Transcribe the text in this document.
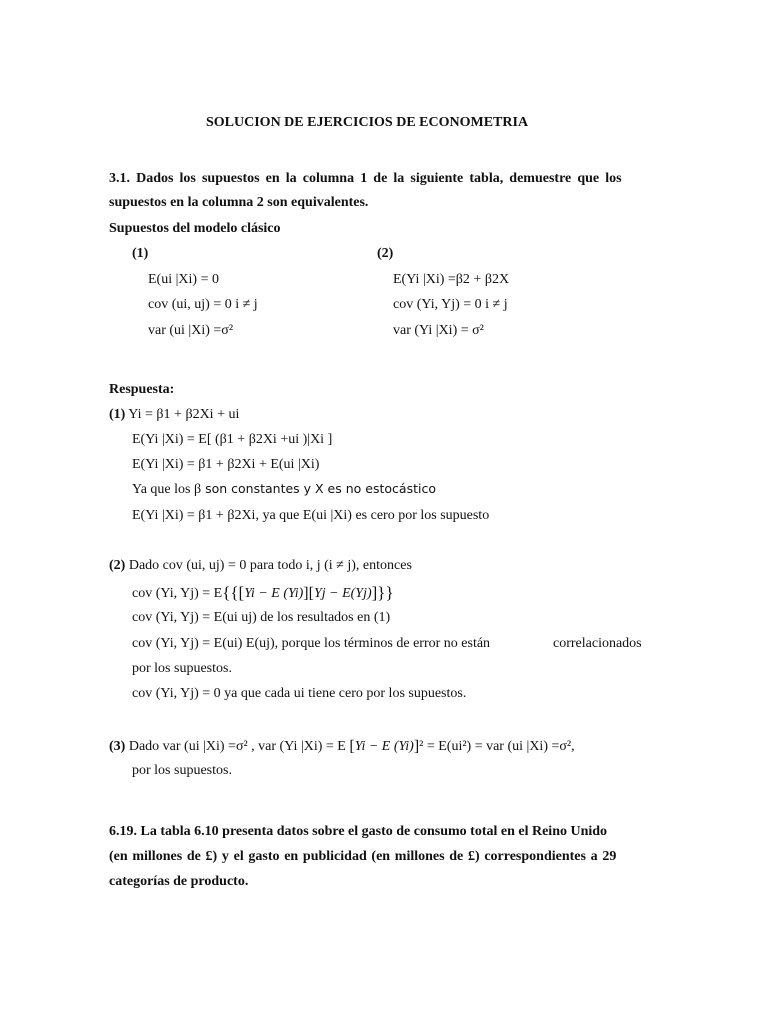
SOLUCION DE EJERCICIOS DE ECONOMETRIA
3.1. Dados los supuestos en la columna 1 de la siguiente tabla, demuestre que los
supuestos en la columna 2 son equivalentes.
Supuestos del modelo clásico
(1)	(2)
E(ui |Xi) = 0
cov (ui, uj) = 0 i ≠ j
var (ui |Xi) =σ²
E(Yi |Xi) =β2 + β2X
cov (Yi, Yj) = 0 i ≠ j
var (Yi |Xi) = σ²
Respuesta:
(1) Yi = β1 + β2Xi + ui
E(Yi |Xi) = E[ (β1 + β2Xi +ui )|Xi ]
E(Yi |Xi) = β1 + β2Xi + E(ui |Xi)
Ya que los β son constantes y X es no estocástico
E(Yi |Xi) = β1 + β2Xi, ya que E(ui |Xi) es cero por los supuesto
(2) Dado cov (ui, uj) = 0 para todo i, j (i ≠ j), entonces
cov (Yi, Yj) = E{{[Yi − E (Yi)][Yj − E(Yj)]}}
cov (Yi, Yj) = E(ui uj) de los resultados en (1)
cov (Yi, Yj) = E(ui) E(uj), porque los términos de error no están	correlacionados
por los supuestos.
cov (Yi, Yj) = 0 ya que cada ui tiene cero por los supuestos.
(3) Dado var (ui |Xi) =σ² , var (Yi |Xi) = E [Yi − E (Yi)]² = E(ui²) = var (ui |Xi) =σ²,
por los supuestos.
6.19. La tabla 6.10 presenta datos sobre el gasto de consumo total en el Reino Unido
(en millones de £) y el gasto en publicidad (en millones de £) correspondientes a 29
categorías de producto.
